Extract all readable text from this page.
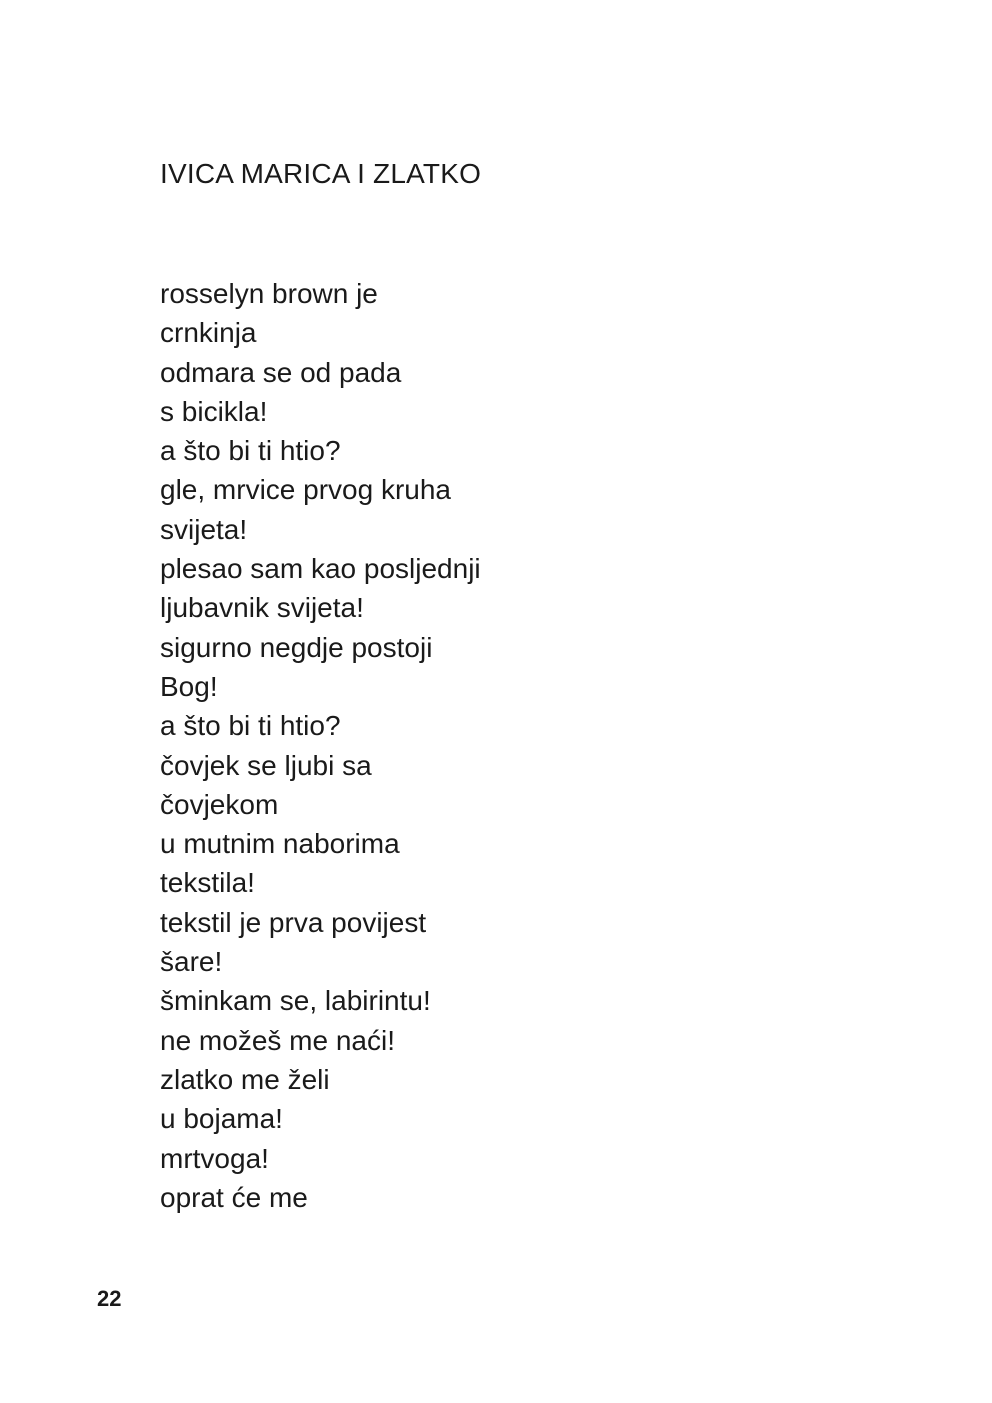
IVICA MARICA I ZLATKO
rosselyn brown je
crnkinja
odmara se od pada
s bicikla!
a što bi ti htio?
gle, mrvice prvog kruha
svijeta!
plesao sam kao posljednji
ljubavnik svijeta!
sigurno negdje postoji
Bog!
a što bi ti htio?
čovjek se ljubi sa
čovjekom
u mutnim naborima
tekstila!
tekstil je prva povijest
šare!
šminkam se, labirintu!
ne možeš me naći!
zlatko me želi
u bojama!
mrtvoga!
oprat će me
22
